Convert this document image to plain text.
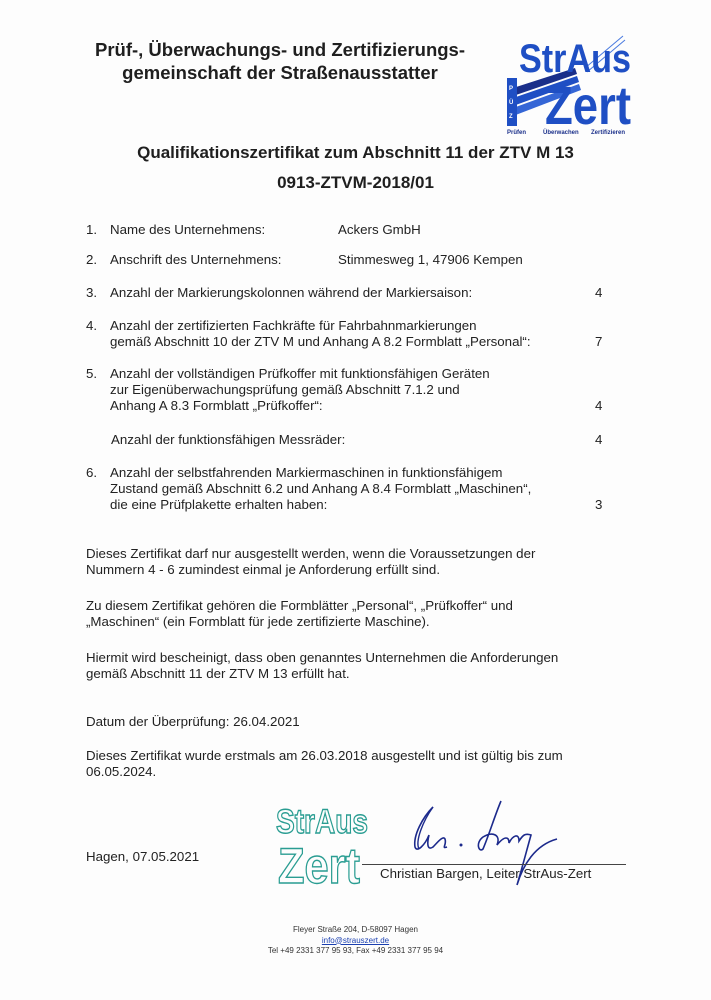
Prüf-, Überwachungs- und Zertifizierungs-
gemeinschaft der Straßenausstatter
P
Ü
Z
StrAus
Zert
Prüfen	Überwachen Zertifizieren
Qualifikationszertifikat zum Abschnitt 11 der ZTV M 13
0913-ZTVM-2018/01
1. Name des Unternehmens:	Ackers GmbH
2. Anschrift des Unternehmens:	Stimmesweg 1, 47906 Kempen
3. Anzahl der Markierungskolonnen während der Markiersaison:	4
4. Anzahl der zertifizierten Fachkräfte für Fahrbahnmarkierungen
gemäß Abschnitt 10 der ZTV M und Anhang A 8.2 Formblatt „Personal“:	7
5. Anzahl der vollständigen Prüfkoffer mit funktionsfähigen Geräten
zur Eigenüberwachungsprüfung gemäß Abschnitt 7.1.2 und
Anhang A 8.3 Formblatt „Prüfkoffer“:	4
Anzahl der funktionsfähigen Messräder:	4
6. Anzahl der selbstfahrenden Markiermaschinen in funktionsfähigem
Zustand gemäß Abschnitt 6.2 und Anhang A 8.4 Formblatt „Maschinen“,
die eine Prüfplakette erhalten haben:	3
Dieses Zertifikat darf nur ausgestellt werden, wenn die Voraussetzungen der
Nummern 4 - 6 zumindest einmal je Anforderung erfüllt sind.
Zu diesem Zertifikat gehören die Formblätter „Personal“, „Prüfkoffer“ und
„Maschinen“ (ein Formblatt für jede zertifizierte Maschine).
Hiermit wird bescheinigt, dass oben genanntes Unternehmen die Anforderungen
gemäß Abschnitt 11 der ZTV M 13 erfüllt hat.
Datum der Überprüfung: 26.04.2021
Dieses Zertifikat wurde erstmals am 26.03.2018 ausgestellt und ist gültig bis zum
06.05.2024.
Hagen, 07.05.2021
StrAus
Zert Christian Bargen, Leiter StrAus-Zert
Fleyer Straße 204, D-58097 Hagen
info@strauszert.de
Tel +49 2331 377 95 93, Fax +49 2331 377 95 94
